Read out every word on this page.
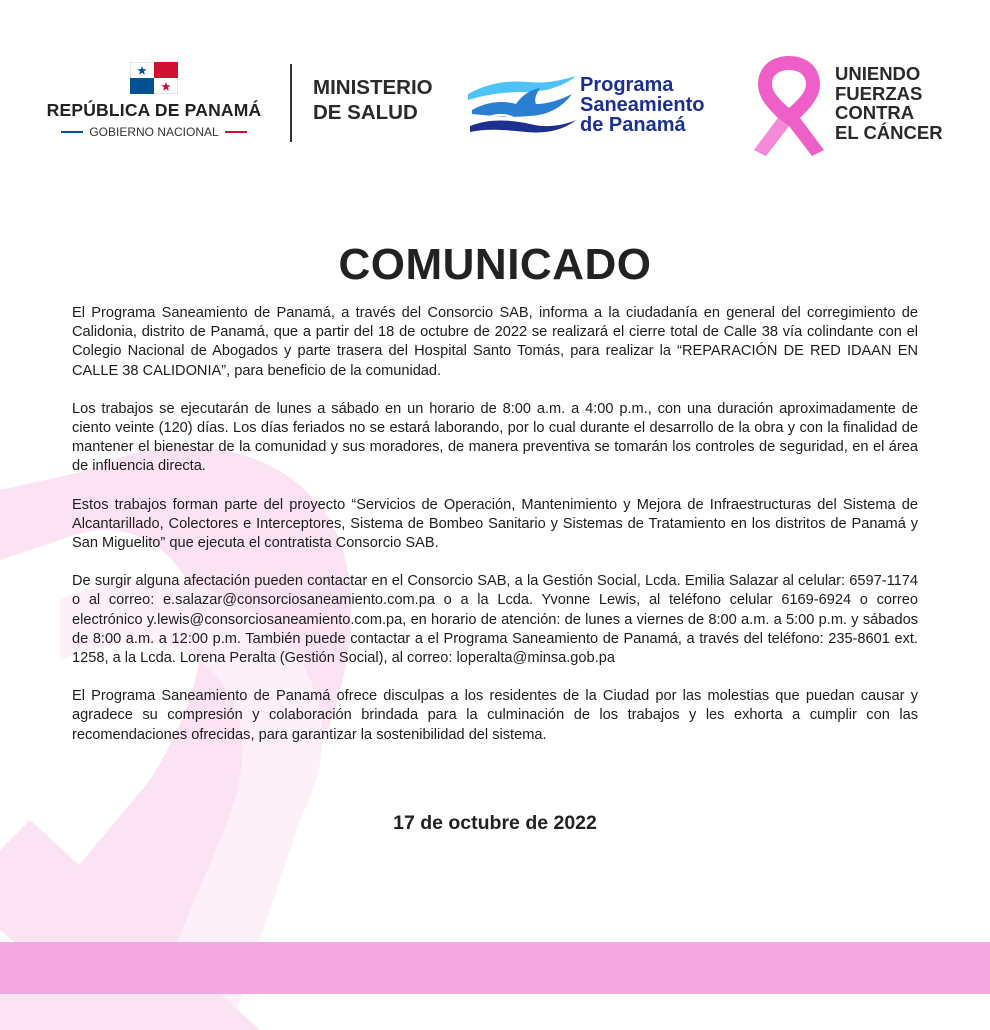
REPÚBLICA DE PANAMÁ
GOBIERNO NACIONAL
MINISTERIO
DE SALUD
Programa
Saneamiento
de Panamá
UNIENDO
FUERZAS
CONTRA
EL CÁNCER
COMUNICADO

El Programa Saneamiento de Panamá, a través del Consorcio SAB, informa a la ciudadanía en general del corregimiento de Calidonia, distrito de Panamá, que a partir del 18 de octubre de 2022 se realizará el cierre total de Calle 38 vía colindante con el Colegio Nacional de Abogados y parte trasera del Hospital Santo Tomás, para realizar la “REPARACIÓN DE RED IDAAN EN CALLE 38 CALIDONIA”, para beneficio de la comunidad.

Los trabajos se ejecutarán de lunes a sábado en un horario de 8:00 a.m. a 4:00 p.m., con una duración aproximadamente de ciento veinte (120) días. Los días feriados no se estará laborando, por lo cual durante el desarrollo de la obra y con la finalidad de mantener el bienestar de la comunidad y sus moradores, de manera preventiva se tomarán los controles de seguridad, en el área de influencia directa.

Estos trabajos forman parte del proyecto “Servicios de Operación, Mantenimiento y Mejora de Infraestructuras del Sistema de Alcantarillado, Colectores e Interceptores, Sistema de Bombeo Sanitario y Sistemas de Tratamiento en los distritos de Panamá y San Miguelito” que ejecuta el contratista Consorcio SAB.

De surgir alguna afectación pueden contactar en el Consorcio SAB, a la Gestión Social, Lcda. Emilia Salazar al celular: 6597-1174 o al correo: e.salazar@consorciosaneamiento.com.pa o a la Lcda. Yvonne Lewis, al teléfono celular 6169-6924 o correo electrónico y.lewis@consorciosaneamiento.com.pa, en horario de atención: de lunes a viernes de 8:00 a.m. a 5:00 p.m. y sábados de 8:00 a.m. a 12:00 p.m. También puede contactar a el Programa Saneamiento de Panamá, a través del teléfono: 235-8601 ext. 1258, a la Lcda. Lorena Peralta (Gestión Social), al correo: loperalta@minsa.gob.pa

El Programa Saneamiento de Panamá ofrece disculpas a los residentes de la Ciudad por las molestias que puedan causar y agradece su compresión y colaboración brindada para la culminación de los trabajos y les exhorta a cumplir con las recomendaciones ofrecidas, para garantizar la sostenibilidad del sistema.

17 de octubre de 2022
